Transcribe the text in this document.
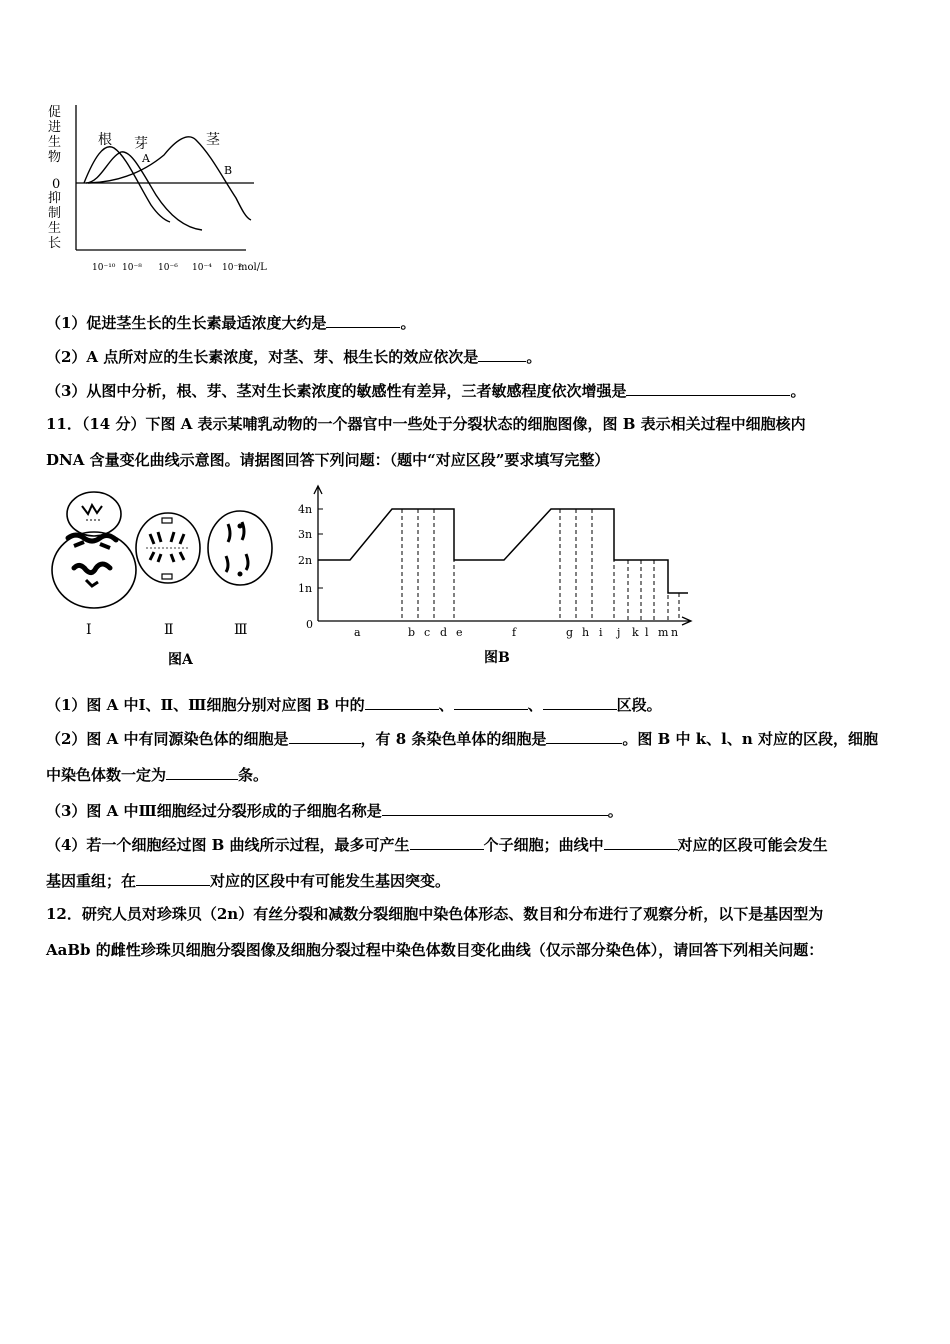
促进生物
0
抑制生长
根 芽	茎
A
B
10⁻¹⁰ 10⁻⁸ 10⁻⁶ 10⁻⁴ 10⁻²
mol/L
（1）促进茎生长的生长素最适浓度大约是	。
（2）A 点所对应的生长素浓度，对茎、芽、根生长的效应依次是	。
（3）从图中分析，根、芽、茎对生长素浓度的敏感性有差异，三者敏感程度依次增强是	。
11．（14 分）下图 A 表示某哺乳动物的一个器官中一些处于分裂状态的细胞图像，图 B 表示相关过程中细胞核内
DNA 含量变化曲线示意图。请据图回答下列问题：（题中“对应区段”要求填写完整）
Ⅰ	Ⅱ	Ⅲ
图A
4n
3n
2n
1n
0
a	b c d e	f	g h i j k l m n
图B
（1）图 A 中Ⅰ、Ⅱ、Ⅲ细胞分别对应图 B 中的	、	、	区段。
（2）图 A 中有同源染色体的细胞是	，有 8 条染色单体的细胞是	。图 B 中 k、l、n 对应的区段，细胞
中染色体数一定为	条。
（3）图 A 中Ⅲ细胞经过分裂形成的子细胞名称是	。
（4）若一个细胞经过图 B 曲线所示过程，最多可产生	个子细胞；曲线中	对应的区段可能会发生
基因重组；在	对应的区段中有可能发生基因突变。
12．研究人员对珍珠贝（2n）有丝分裂和减数分裂细胞中染色体形态、数目和分布进行了观察分析，以下是基因型为
AaBb 的雌性珍珠贝细胞分裂图像及细胞分裂过程中染色体数目变化曲线（仅示部分染色体），请回答下列相关问题：
